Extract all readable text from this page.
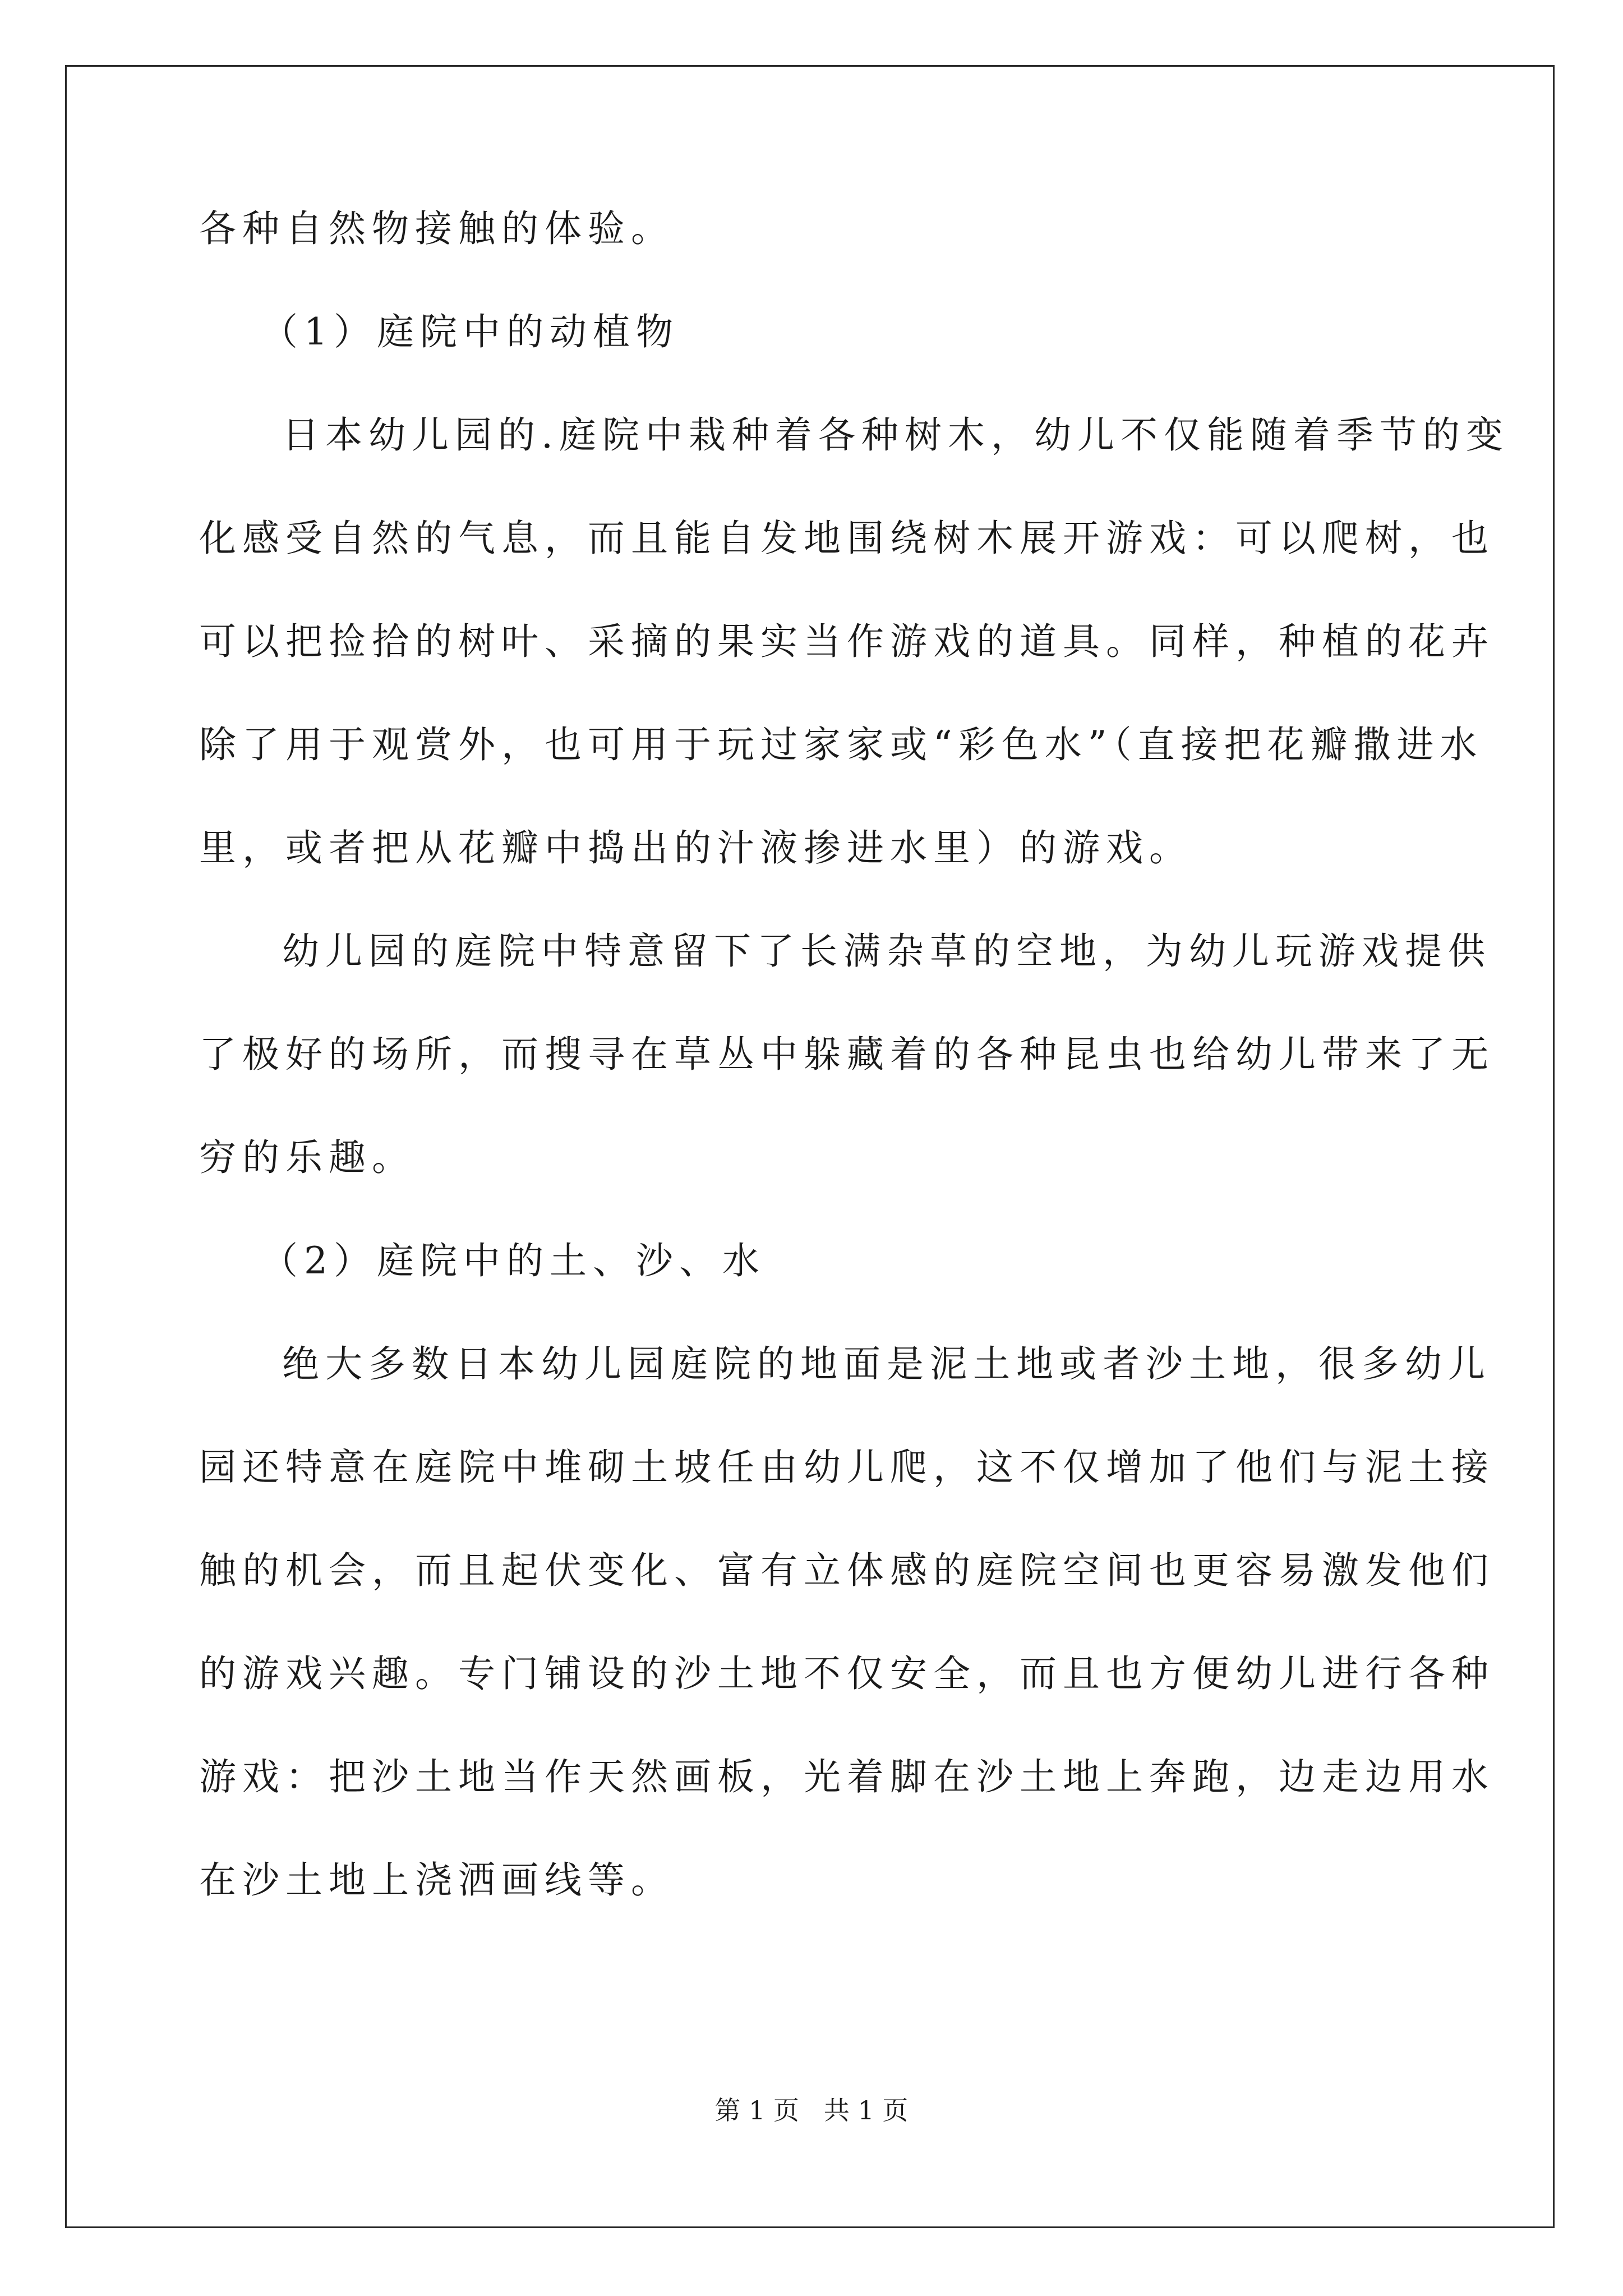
各种自然物接触的体验。
（1）庭院中的动植物
日本幼儿园的.庭院中栽种着各种树木，幼儿不仅能随着季节的变
化感受自然的气息，而且能自发地围绕树木展开游戏：可以爬树，也
可以把捡拾的树叶、采摘的果实当作游戏的道具。同样，种植的花卉
除了用于观赏外，也可用于玩过家家或“彩色水”（直接把花瓣撒进水
里，或者把从花瓣中捣出的汁液掺进水里）的游戏。
幼儿园的庭院中特意留下了长满杂草的空地，为幼儿玩游戏提供
了极好的场所，而搜寻在草丛中躲藏着的各种昆虫也给幼儿带来了无
穷的乐趣。
（2）庭院中的土、沙、水
绝大多数日本幼儿园庭院的地面是泥土地或者沙土地，很多幼儿
园还特意在庭院中堆砌土坡任由幼儿爬，这不仅增加了他们与泥土接
触的机会，而且起伏变化、富有立体感的庭院空间也更容易激发他们
的游戏兴趣。专门铺设的沙土地不仅安全，而且也方便幼儿进行各种
游戏：把沙土地当作天然画板，光着脚在沙土地上奔跑，边走边用水
在沙土地上浇洒画线等。
第 1 页   共 1 页
